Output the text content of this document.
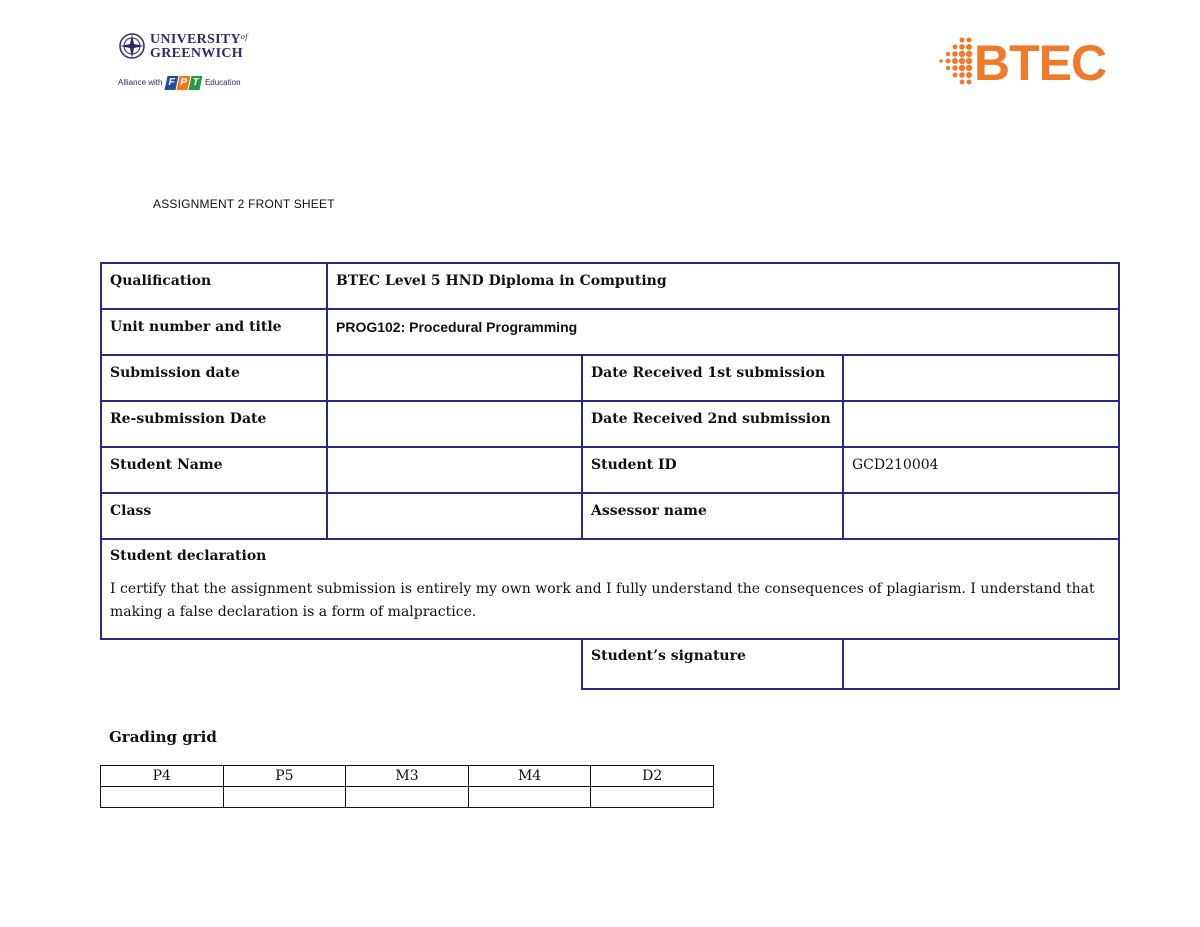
$UNIVERSITY^{of}$
GREENWICH
Alliance with F P T Education	BTEC
ASSIGNMENT 2 FRONT SHEET
Qualification	BTEC Level 5 HND Diploma in Computing		
Unit number and title	PROG102: Procedural Programming		
Submission date		Date Received 1st submission	
Re-submission Date		Date Received 2nd submission	
Student Name		Student ID	GCD210004
Class		Assessor name	

Student declaration
I certify that the assignment submission is entirely my own work and I fully understand the consequences of plagiarism. I understand that making a false declaration is a form of malpractice.			

		Student’s signature	
Grading grid
P4	P5	M3	M4	D2
